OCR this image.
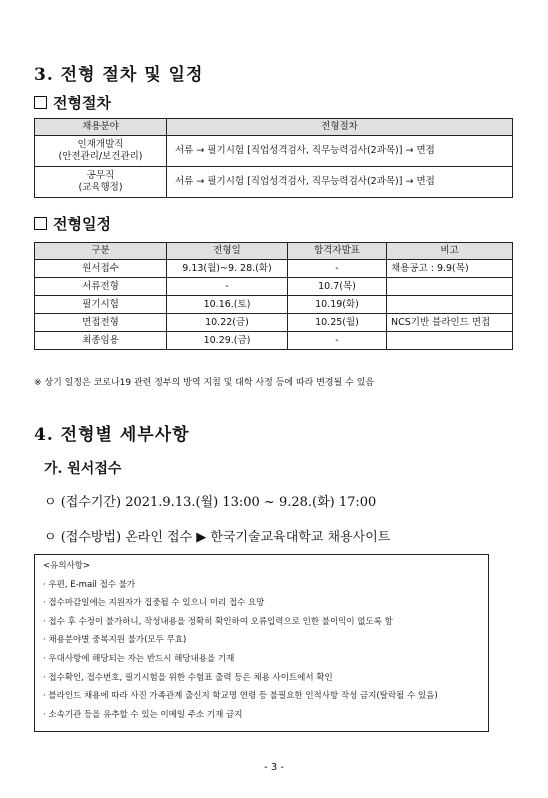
3. 전형 절차 및 일정
전형절차
채용분야	전형절차

인재개발직
(안전관리/보건관리)	서류 → 필기시험 [직업성격검사, 직무능력검사(2과목)] → 면접

공무직
(교육행정)	서류 → 필기시험 [직업성격검사, 직무능력검사(2과목)] → 면접
전형일정
구분	전형일	합격자발표	비고
원서접수	9.13(월)~9. 28.(화)	-	채용공고 : 9.9(목)
서류전형	-	10.7(목)	
필기시험	10.16.(토)	10.19(화)	
면접전형	10.22(금)	10.25(월)	NCS기반 블라인드 면접
최종임용	10.29.(금)	-	
※ 상기 일정은 코로나19 관련 정부의 방역 지침 및 대학 사정 등에 따라 변경될 수 있음
4. 전형별 세부사항
가. 원서접수
ㅇ (접수기간) 2021.9.13.(월) 13:00 ~ 9.28.(화) 17:00
ㅇ (접수방법) 온라인 접수 ▶ 한국기술교육대학교 채용사이트
<유의사항>
· 우편, E-mail 접수 불가
· 접수마감일에는 지원자가 집중될 수 있으니 미리 접수 요망
· 접수 후 수정이 불가하니, 작성내용을 정확히 확인하여 오류입력으로 인한 불이익이 없도록 함
· 채용분야별 중복지원 불가(모두 무효)
· 우대사항에 해당되는 자는 반드시 해당내용을 기재
· 접수확인, 접수번호, 필기시험을 위한 수험표 출력 등은 채용 사이트에서 확인
· 블라인드 채용에 따라 사진 가족관계 출신지 학교명 연령 등 불필요한 인적사항 작성 금지(탈락될 수 있음)
· 소속기관 등을 유추할 수 있는 이메일 주소 기재 금지
- 3 -
